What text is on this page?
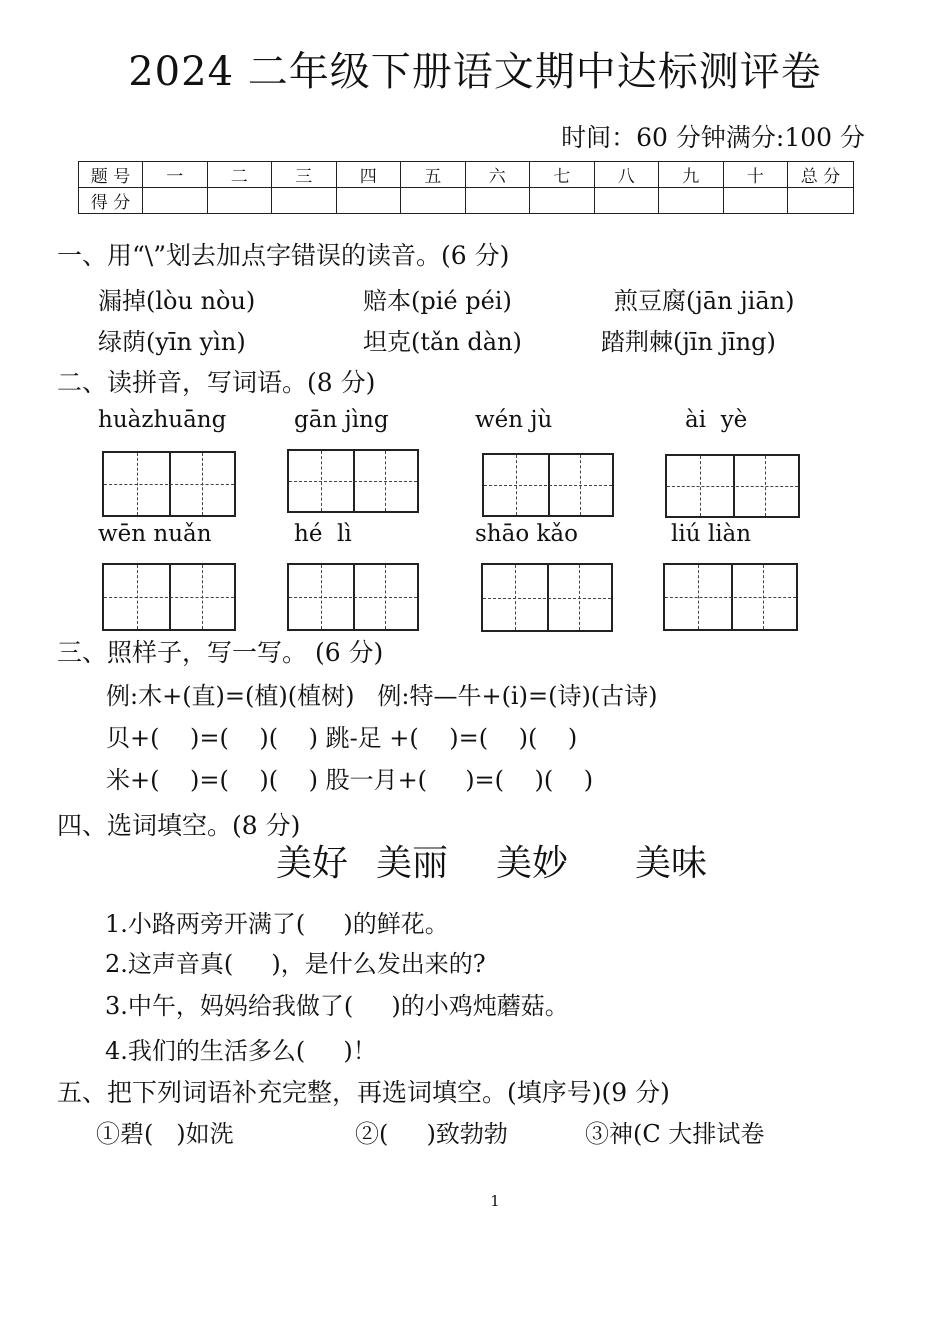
2024 二年级下册语文期中达标测评卷
时间：60 分钟满分:100 分
题 号	一	二	三	四	五	六	七	八	九	十	总 分
得 分											
一、用“\”划去加点字错误的读音。(6 分)
漏掉(lòu nòu)	赔本(pié péi)	煎豆腐(jān jiān)
绿荫(yīn yìn)	坦克(tǎn dàn)	踏荆棘(jīn jīng)
二、读拼音，写词语。(8 分)
huàzhuāng	gān jìng	wén jù	ài  yè
wēn nuǎn	hé  lì	shāo kǎo	liú liàn
三、照样子，写一写。 (6 分)
例:木+(直)=(植)(植树)   例:特—牛+(i)=(诗)(古诗)
贝+(    )=(    )(    ) 跳-足 +(    )=(    )(    )
米+(    )=(    )(    ) 股一月+(     )=(    )(    )
四、选词填空。(8 分)
美好 美丽 美妙 美味
1.小路两旁开满了(     )的鲜花。
2.这声音真(     )，是什么发出来的?
3.中午，妈妈给我做了(     )的小鸡炖蘑菇。
4.我们的生活多么(     )！
五、把下列词语补充完整，再选词填空。(填序号)(9 分)
①碧(   )如洗	②(     )致勃勃	③神(C 大排试卷
1
